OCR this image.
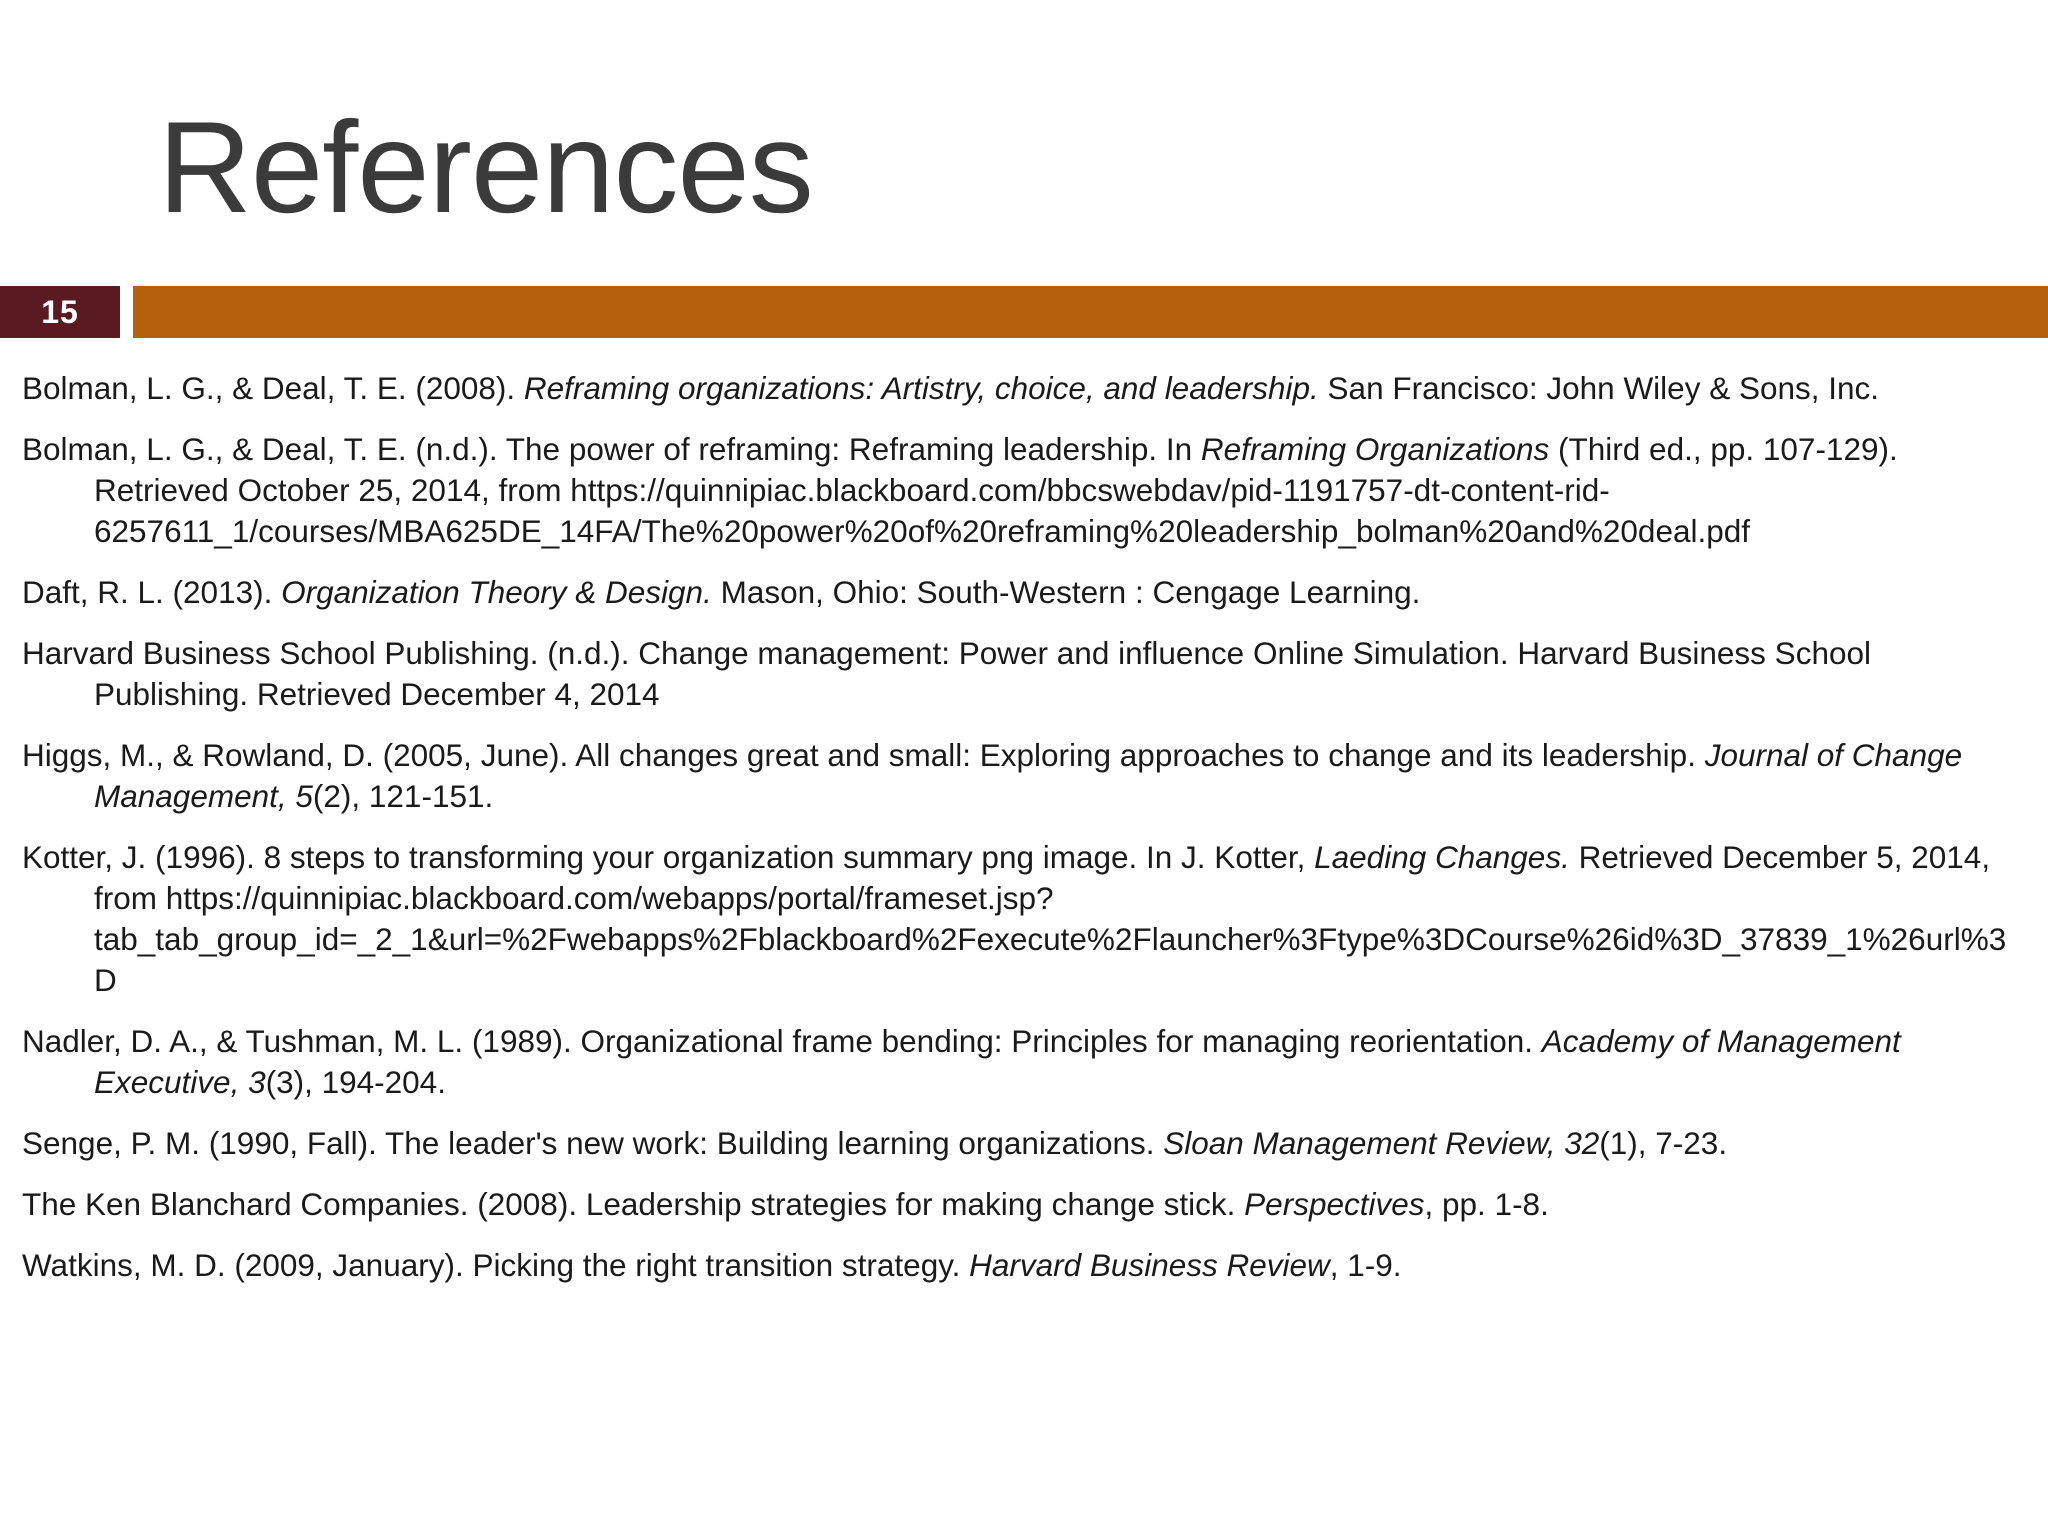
References
15
Bolman, L. G., & Deal, T. E. (2008). Reframing organizations: Artistry, choice, and leadership. San Francisco: John Wiley & Sons, Inc.
Bolman, L. G., & Deal, T. E. (n.d.). The power of reframing: Reframing leadership. In Reframing Organizations (Third ed., pp. 107-129). Retrieved October 25, 2014, from https://quinnipiac.blackboard.com/bbcswebdav/pid-1191757-dt-content-rid-6257611_1/courses/MBA625DE_14FA/The%20power%20of%20reframing%20leadership_bolman%20and%20deal.pdf
Daft, R. L. (2013). Organization Theory & Design. Mason, Ohio: South-Western : Cengage Learning.
Harvard Business School Publishing. (n.d.). Change management: Power and influence Online Simulation. Harvard Business School Publishing. Retrieved December 4, 2014
Higgs, M., & Rowland, D. (2005, June). All changes great and small: Exploring approaches to change and its leadership. Journal of Change Management, 5(2), 121-151.
Kotter, J. (1996). 8 steps to transforming your organization summary png image. In J. Kotter, Laeding Changes. Retrieved December 5, 2014, from https://quinnipiac.blackboard.com/webapps/portal/frameset.jsp?tab_tab_group_id=_2_1&url=%2Fwebapps%2Fblackboard%2Fexecute%2Flauncher%3Ftype%3DCourse%26id%3D_37839_1%26url%3D
Nadler, D. A., & Tushman, M. L. (1989). Organizational frame bending: Principles for managing reorientation. Academy of Management Executive, 3(3), 194-204.
Senge, P. M. (1990, Fall). The leader's new work: Building learning organizations. Sloan Management Review, 32(1), 7-23.
The Ken Blanchard Companies. (2008). Leadership strategies for making change stick. Perspectives, pp. 1-8.
Watkins, M. D. (2009, January). Picking the right transition strategy. Harvard Business Review, 1-9.
